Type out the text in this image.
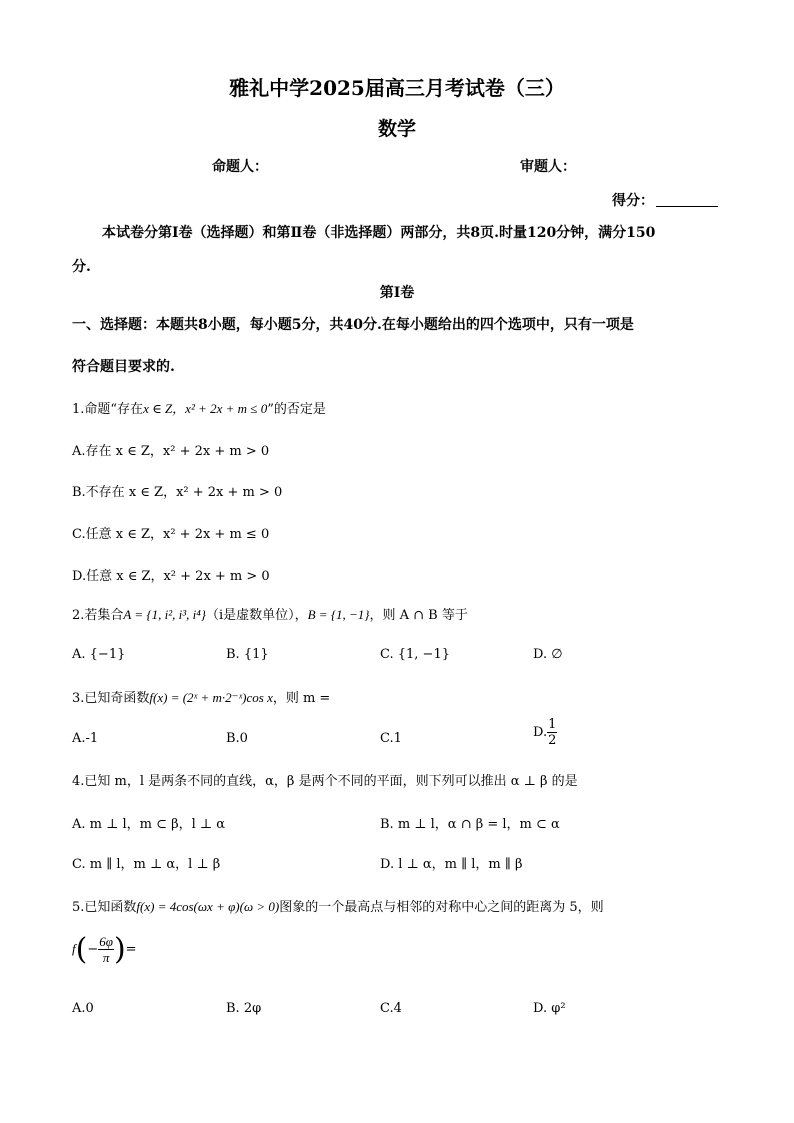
雅礼中学2025届高三月考试卷（三）
数学
命题人：	审题人：
得分：
本试卷分第Ⅰ卷（选择题）和第Ⅱ卷（非选择题）两部分，共8页.时量120分钟，满分150
分.
第Ⅰ卷
一、选择题：本题共8小题，每小题5分，共40分.在每小题给出的四个选项中，只有一项是
符合题目要求的.
1.命题“存在x ∈ Z，x² + 2x + m ≤ 0”的否定是
A.存在 x ∈ Z，x² + 2x + m > 0
B.不存在 x ∈ Z，x² + 2x + m > 0
C.任意 x ∈ Z，x² + 2x + m ≤ 0
D.任意 x ∈ Z，x² + 2x + m > 0
2.若集合A = {1, i², i³, i⁴}（i是虚数单位），B = {1, −1}，则 A ∩ B 等于
A. {−1}	B. {1}	C. {1, −1}	D. ∅
3.已知奇函数f(x) = (2ˣ + m·2⁻ˣ)cos x，则 m =
A.-1	B.0	C.1	D. $\frac{1}{2}$
4.已知 m，l 是两条不同的直线，α，β 是两个不同的平面，则下列可以推出 α ⊥ β 的是
A. m ⊥ l，m ⊂ β，l ⊥ α	B. m ⊥ l，α ∩ β = l，m ⊂ α
C. m ∥ l，m ⊥ α，l ⊥ β	D. l ⊥ α，m ∥ l，m ∥ β
5.已知函数f(x) = 4cos(ωx + φ)(ω > 0)图象的一个最高点与相邻的对称中心之间的距离为 5，则
$f(- \frac{6\varphi}{\pi}$ )=
A.0	B. 2φ	C.4	D. φ²
